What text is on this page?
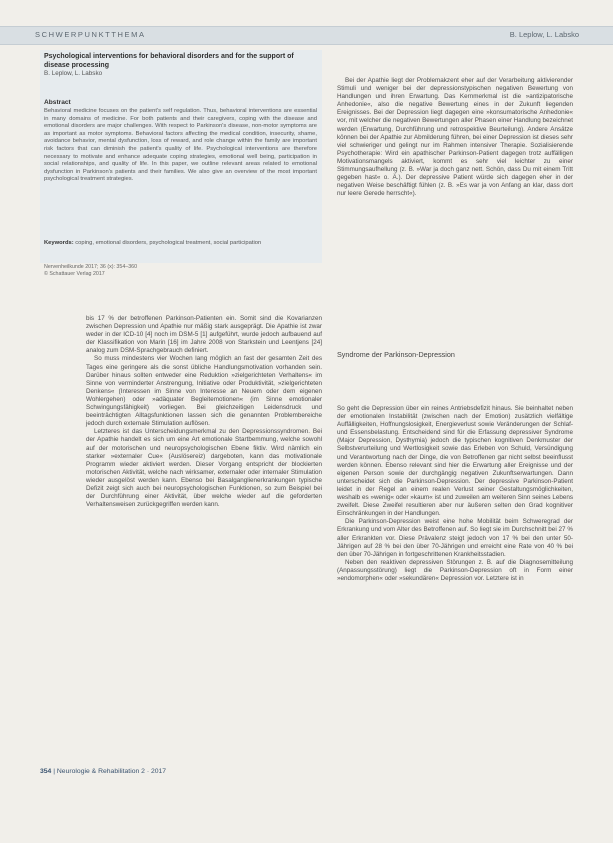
SCHWERPUNKTTHEMA	B. Leplow, L. Labsko
Psychological interventions for behavioral disorders and for the support of disease processing
B. Leplow, L. Labsko
Abstract
Behavioral medicine focuses on the patient's self regulation. Thus, behavioral interventions are essential in many domains of medicine. For both patients and their caregivers, coping with the disease and emotional disorders are major challenges. With respect to Parkinson's disease, non-motor symptoms are as important as motor symptoms. Behavioral factors affecting the medical condition, insecurity, shame, avoidance behavior, mental dysfunction, loss of reward, and role change within the family are important risk factors that can diminish the patient's quality of life. Psychological interventions are therefore necessary to motivate and enhance adequate coping strategies, emotional well being, participation in social relationships, and quality of life. In this paper, we outline relevant areas related to emotional dysfunction in Parkinson's patients and their families. We also give an overview of the most important psychological treatment strategies.
Keywords: coping, emotional disorders, psychological treatment, social participation
Nervenheilkunde 2017; 36 (x): 354–360
© Schattauer Verlag 2017

bis 17 % der betroffenen Parkinson-Patienten ein. Somit sind die Kovarianzen zwischen Depression und Apathie nur mäßig stark ausgeprägt. Die Apathie ist zwar weder in der ICD-10 [4] noch im DSM-5 [1] aufgeführt, wurde jedoch aufbauend auf der Klassifikation von Marin [16] im Jahre 2008 von Starkstein und Leentjens [24] analog zum DSM-Sprachgebrauch definiert.

So muss mindestens vier Wochen lang möglich an fast der gesamten Zeit des Tages eine geringere als die sonst übliche Handlungsmotivation vorhanden sein. Darüber hinaus sollten entweder eine Reduktion »zielgerichteten Verhaltens« im Sinne von verminderter Anstrengung, Initiative oder Produktivität, »zielgerichteten Denkens« (Interessen im Sinne von Interesse an Neuem oder dem eigenen Wohlergehen) oder »adäquater Begleitemotionen« (im Sinne emotionaler Schwingungsfähigkeit) vorliegen. Bei gleichzeitigen Leidensdruck und beeinträchtigten Alltagsfunktionen lassen sich die genannten Problembereiche jedoch durch externale Stimulation auflösen.

Letzteres ist das Unterscheidungsmerkmal zu den Depressionssyndromen. Bei der Apathie handelt es sich um eine Art emotionale Startbemmung, welche sowohl auf der motorischen und neuropsychologischen Ebene fiktiv. Wird nämlich ein starker »externaler Cue« (Auslösereiz) dargeboten, kann das motivationale Programm wieder aktiviert werden. Dieser Vorgang entspricht der blockierten motorischen Aktivität, welche nach wirksamer, externaler oder internaler Stimulation wieder ausgelöst werden kann. Ebenso bei Basalganglienerkrankungen typische Defizit zeigt sich auch bei neuropsychologischen Funktionen, so zum Beispiel bei der Durchführung einer Aktivität, über welche wieder auf die geforderten Verhaltensweisen zurückgegriffen werden kann.

Bei der Apathie liegt der Problemakzent eher auf der Verarbeitung aktivierender Stimuli und weniger bei der depressionstypischen negativen Bewertung von Handlungen und ihren Erwartung. Das Kernmerkmal ist die »antizipatorische Anhedonie«, also die negative Bewertung eines in der Zukunft liegenden Ereignisses. Bei der Depression liegt dagegen eine »konsumatorische Anhedonie« vor, mit welcher die negativen Bewertungen aller Phasen einer Handlung bezeichnet werden (Erwartung, Durchführung und retrospektive Beurteilung). Andere Ansätze können bei der Apathie zur Abmilderung führen, bei einer Depression ist dieses sehr viel schwieriger und gelingt nur im Rahmen intensiver Therapie. Sozialisierende Psychotherapie: Wird ein apathischer Parkinson-Patient dagegen trotz auffälligen Motivationsmangels aktiviert, kommt es sehr viel leichter zu einer Stimmungsaufhellung (z. B. »War ja doch ganz nett. Schön, dass Du mit einem Tritt gegeben hast« o. Ä.). Der depressive Patient würde sich dagegen eher in der negativen Weise beschäftigt fühlen (z. B. »Es war ja von Anfang an klar, dass dort nur leere Gerede herrscht«).

Syndrome der Parkinson-Depression

So geht die Depression über ein reines Antriebsdefizit hinaus. Sie beinhaltet neben der emotionalen Instabilität (zwischen nach der Emotion) zusätzlich vielfältige Auffälligkeiten, Hoffnungslosigkeit, Energieverlust sowie Veränderungen der Schlaf- und Essensbelastung. Entscheidend sind für die Erfassung depressiver Syndrome (Major Depression, Dysthymia) jedoch die typischen kognitiven Denkmuster der Selbstverurteilung und Wertlosigkeit sowie das Erleben von Schuld, Versündigung und Verantwortung nach der Dinge, die von Betroffenen gar nicht selbst beeinflusst werden können. Ebenso relevant sind hier die Erwartung aller Ereignisse und der eigenen Person sowie der durchgängig negativen Zukunftserwartungen. Dann unterscheidet sich die Parkinson-Depression. Der depressive Parkinson-Patient leidet in der Regel an einem realen Verlust seiner Gestaltungsmöglichkeiten, weshalb es »wenig« oder »kaum« ist und zuweilen am weiteren Sinn seines Lebens zweifelt. Diese Zweifel resultieren aber nur äußeren selten den Grad kognitiver Einschränkungen in der Handlungen.

Die Parkinson-Depression weist eine hohe Mobilität beim Schweregrad der Erkrankung und vom Alter des Betroffenen auf. So liegt sie im Durchschnitt bei 27 % aller Erkrankten vor. Diese Prävalenz steigt jedoch von 17 % bei den unter 50-Jährigen auf 28 % bei den über 70-Jährigen und erreicht eine Rate von 40 % bei den über 70-Jährigen in fortgeschrittenen Krankheitsstadien.

Neben den reaktiven depressiven Störungen z. B. auf die Diagnosemitteilung (Anpassungsstörung) liegt die Parkinson-Depression oft in Form einer »endomorphen« oder »sekundären« Depression vor. Letztere ist in

354 | Neurologie & Rehabilitation 2 · 2017
